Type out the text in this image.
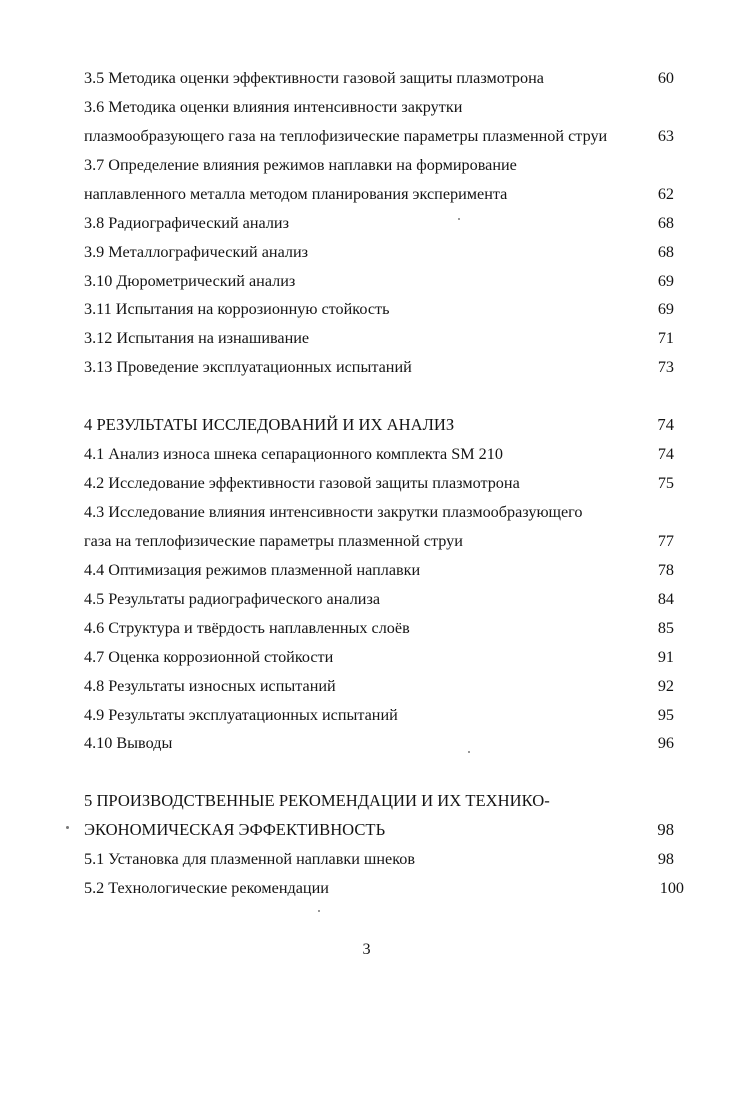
3.5 Методика оценки эффективности газовой защиты плазмотрона	60
3.6 Методика оценки влияния интенсивности закрутки
плазмообразующего газа на теплофизические параметры плазменной струи	63
3.7 Определение влияния режимов наплавки на формирование
наплавленного металла методом планирования эксперимента	62
3.8 Радиографический анализ	68
3.9 Металлографический анализ	68
3.10 Дюрометрический анализ	69
3.11 Испытания на коррозионную стойкость	69
3.12 Испытания на изнашивание	71
3.13 Проведение эксплуатационных испытаний	73
4 РЕЗУЛЬТАТЫ ИССЛЕДОВАНИЙ И ИХ АНАЛИЗ	74
4.1 Анализ износа шнека сепарационного комплекта SM 210	74
4.2 Исследование эффективности газовой защиты плазмотрона	75
4.3 Исследование влияния интенсивности закрутки плазмообразующего
газа на теплофизические параметры плазменной струи	77
4.4 Оптимизация режимов плазменной наплавки	78
4.5 Результаты радиографического анализа	84
4.6 Структура и твёрдость наплавленных слоёв	85
4.7 Оценка коррозионной стойкости	91
4.8 Результаты износных испытаний	92
4.9 Результаты эксплуатационных испытаний	95
4.10 Выводы	96
5 ПРОИЗВОДСТВЕННЫЕ РЕКОМЕНДАЦИИ И ИХ ТЕХНИКО-
ЭКОНОМИЧЕСКАЯ ЭФФЕКТИВНОСТЬ	98
5.1 Установка для плазменной наплавки шнеков	98
5.2 Технологические рекомендации	100
3
